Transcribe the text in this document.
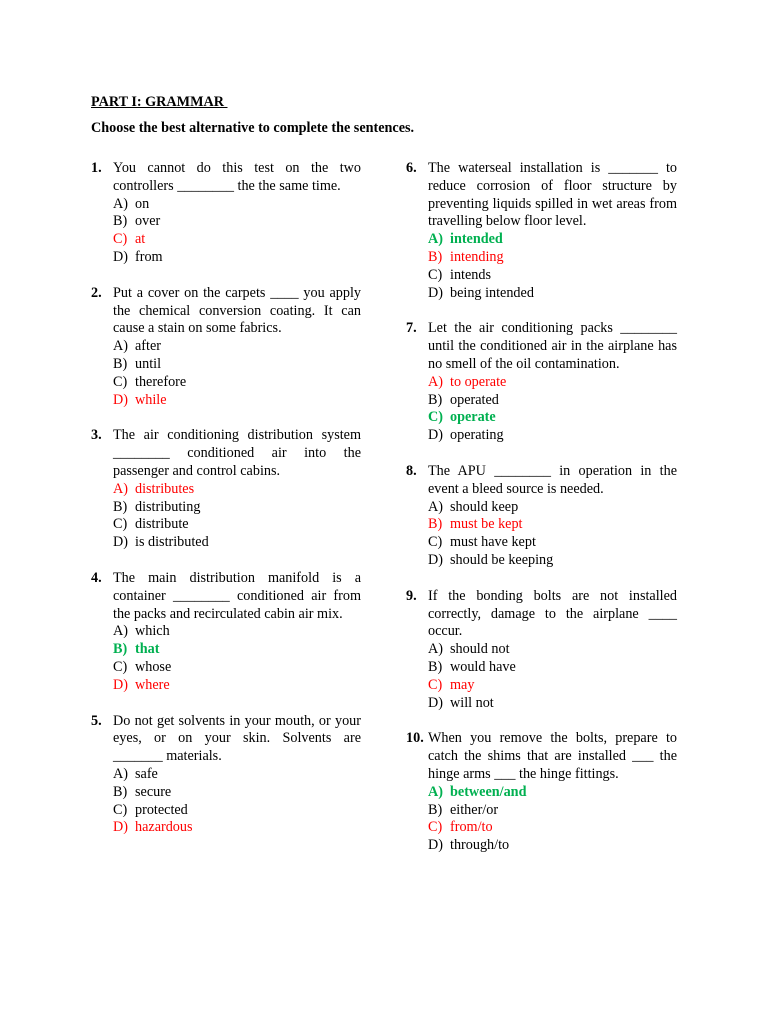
PART I: GRAMMAR
Choose the best alternative to complete the sentences.
1. You cannot do this test on the two controllers ________ the the same time.
A) on
B) over
C) at
D) from
2. Put a cover on the carpets ____ you apply the chemical conversion coating. It can cause a stain on some fabrics.
A) after
B) until
C) therefore
D) while
3. The air conditioning distribution system ________ conditioned air into the passenger and control cabins.
A) distributes
B) distributing
C) distribute
D) is distributed
4. The main distribution manifold is a container ________ conditioned air from the packs and recirculated cabin air mix.
A) which
B) that
C) whose
D) where
5. Do not get solvents in your mouth, or your eyes, or on your skin. Solvents are _______ materials.
A) safe
B) secure
C) protected
D) hazardous
6. The waterseal installation is _______ to reduce corrosion of floor structure by preventing liquids spilled in wet areas from travelling below floor level.
A) intended
B) intending
C) intends
D) being intended
7. Let the air conditioning packs ________ until the conditioned air in the airplane has no smell of the oil contamination.
A) to operate
B) operated
C) operate
D) operating
8. The APU ________ in operation in the event a bleed source is needed.
A) should keep
B) must be kept
C) must have kept
D) should be keeping
9. If the bonding bolts are not installed correctly, damage to the airplane ____ occur.
A) should not
B) would have
C) may
D) will not
10. When you remove the bolts, prepare to catch the shims that are installed ___ the hinge arms ___ the hinge fittings.
A) between/and
B) either/or
C) from/to
D) through/to
